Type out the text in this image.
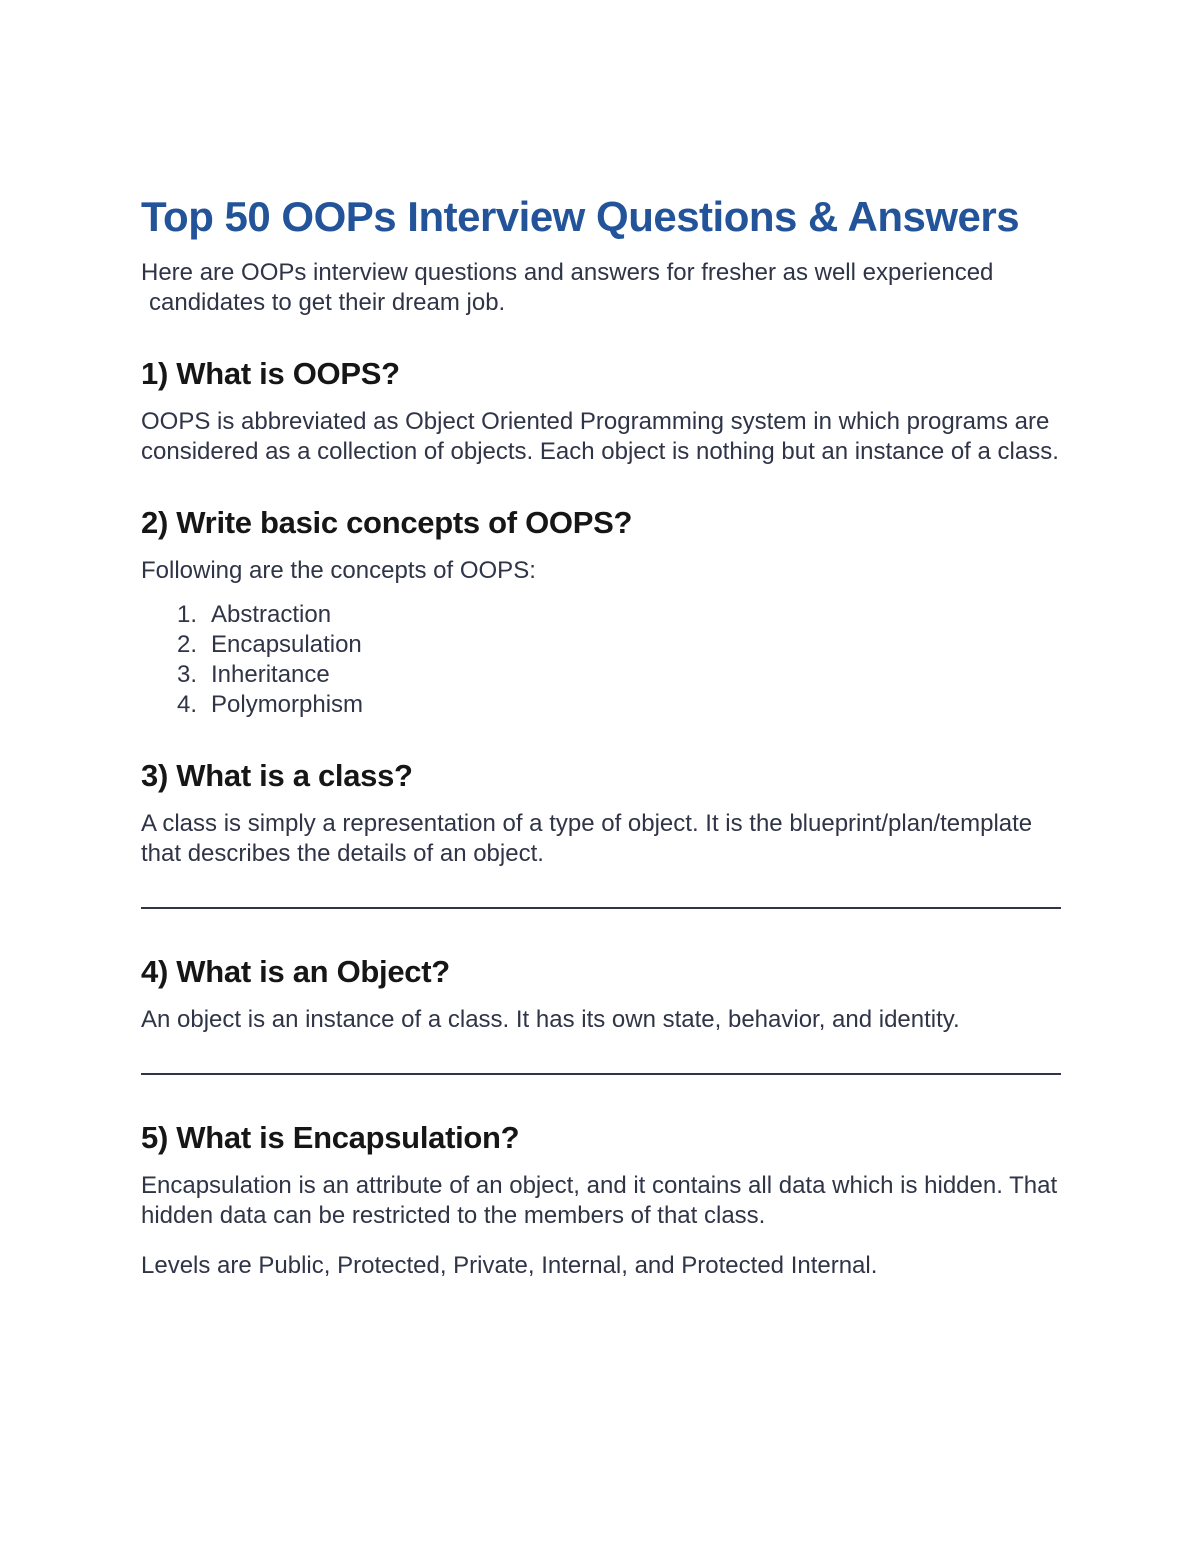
Top 50 OOPs Interview Questions & Answers

Here are OOPs interview questions and answers for fresher as well experienced candidates to get their dream job.

1) What is OOPS?

OOPS is abbreviated as Object Oriented Programming system in which programs are considered as a collection of objects. Each object is nothing but an instance of a class.

2) Write basic concepts of OOPS?

Following are the concepts of OOPS:

1. Abstraction
2. Encapsulation
3. Inheritance
4. Polymorphism
3) What is a class?

A class is simply a representation of a type of object. It is the blueprint/plan/template that describes the details of an object.

4) What is an Object?

An object is an instance of a class. It has its own state, behavior, and identity.

5) What is Encapsulation?

Encapsulation is an attribute of an object, and it contains all data which is hidden. That hidden data can be restricted to the members of that class.

Levels are Public, Protected, Private, Internal, and Protected Internal.
